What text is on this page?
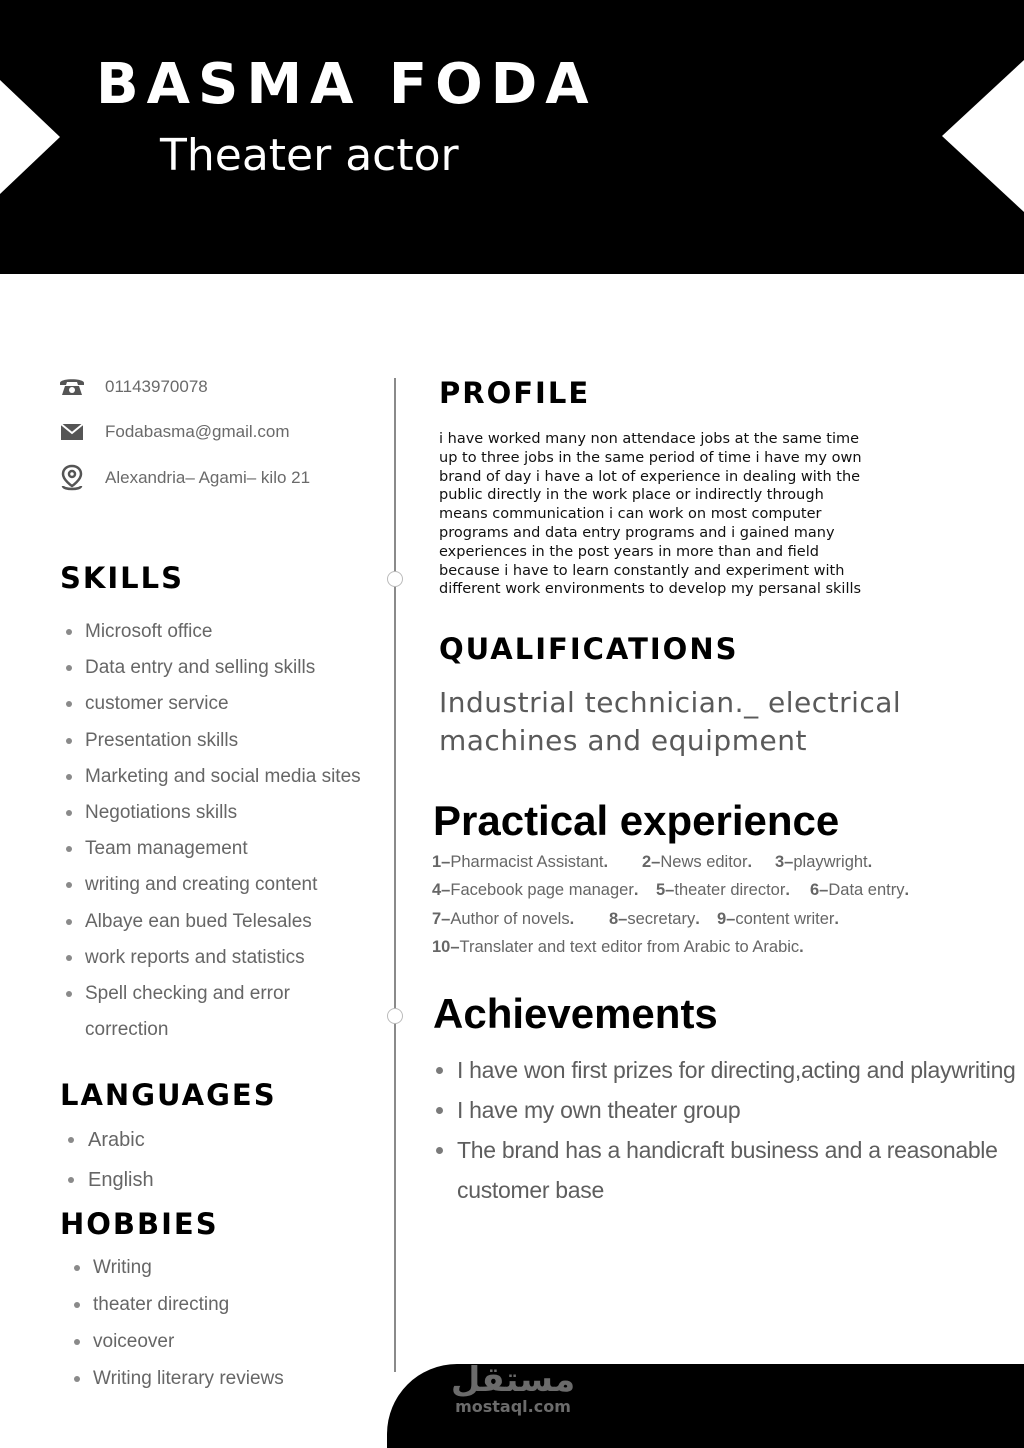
BASMA FODA
Theater actor
01143970078
Fodabasma@gmail.com
Alexandria– Agami– kilo 21
SKILLS
Microsoft office
Data entry and selling skills
customer service
Presentation skills
Marketing and social media sites
Negotiations skills
Team management
writing and creating content
Albaye ean bued Telesales
work reports and statistics
Spell checking and error
correction
LANGUAGES
Arabic
English
HOBBIES
Writing
theater directing
voiceover
Writing literary reviews
PROFILE
i have worked many non attendace jobs at the same time up to three jobs in the same period of time i have my own brand of day i have a lot of experience in dealing with the public directly in the work place or indirectly through means communication i can work on most computer programs and data entry programs and i gained many experiences in the post years in more than and field because i have to learn constantly and experiment with different work environments to develop my persanal skills
QUALIFICATIONS
Industrial technician._ electrical machines and equipment
Practical experience
1–Pharmacist Assistant. 2–News editor. 3–playwright.
4–Facebook page manager. 5–theater director. 6–Data entry.
7–Author of novels. 8–secretary. 9–content writer.
10–Translater and text editor from Arabic to Arabic.
Achievements
I have won first prizes for directing,acting and playwriting
I have my own theater group
The brand has a handicraft business and a reasonable customer base
مستقل
mostaql.com
